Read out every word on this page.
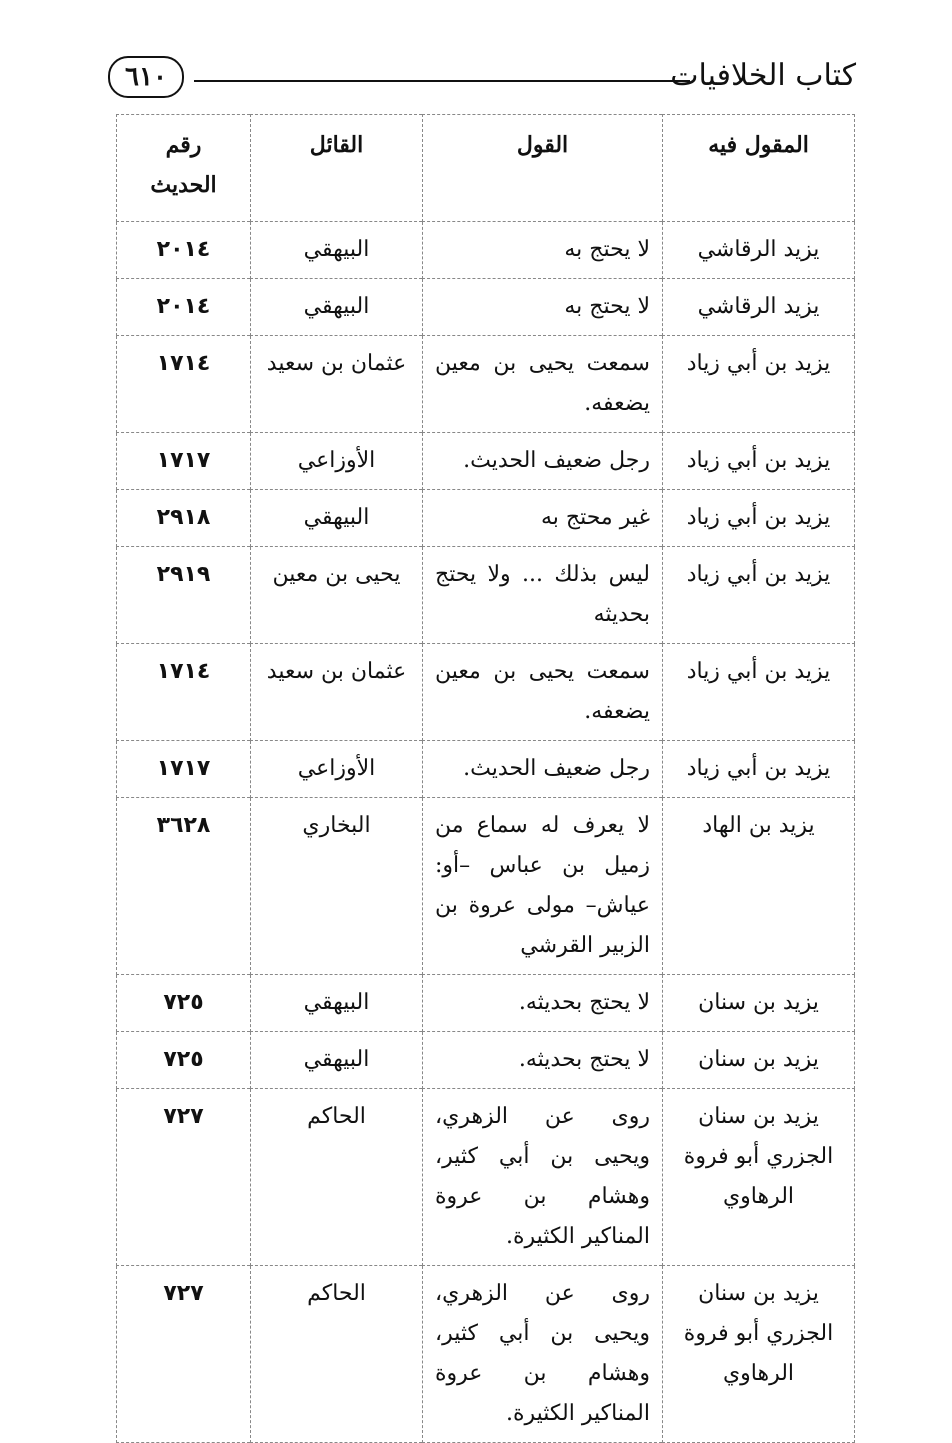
٦١٠	كتاب الخلافيات
المقول فيه	القول	القائل	رقم الحديث
يزيد الرقاشي	لا يحتج به	البيهقي	٢٠١٤
يزيد الرقاشي	لا يحتج به	البيهقي	٢٠١٤
يزيد بن أبي زياد	سمعت يحيى بن معين يضعفه.	عثمان بن سعيد	١٧١٤
يزيد بن أبي زياد	رجل ضعيف الحديث.	الأوزاعي	١٧١٧
يزيد بن أبي زياد	غير محتج به	البيهقي	٢٩١٨
يزيد بن أبي زياد	ليس بذلك ... ولا يحتج بحديثه	يحيى بن معين	٢٩١٩
يزيد بن أبي زياد	سمعت يحيى بن معين يضعفه.	عثمان بن سعيد	١٧١٤
يزيد بن أبي زياد	رجل ضعيف الحديث.	الأوزاعي	١٧١٧
يزيد بن الهاد	لا يعرف له سماع من زميل بن عباس –أو: عياش– مولى عروة بن الزبير القرشي	البخاري	٣٦٢٨
يزيد بن سنان	لا يحتج بحديثه.	البيهقي	٧٢٥
يزيد بن سنان	لا يحتج بحديثه.	البيهقي	٧٢٥
يزيد بن سنان الجزري أبو فروة الرهاوي	روى عن الزهري، ويحيى بن أبي كثير، وهشام بن عروة المناكير الكثيرة.	الحاكم	٧٢٧
يزيد بن سنان الجزري أبو فروة الرهاوي	روى عن الزهري، ويحيى بن أبي كثير، وهشام بن عروة المناكير الكثيرة.	الحاكم	٧٢٧
